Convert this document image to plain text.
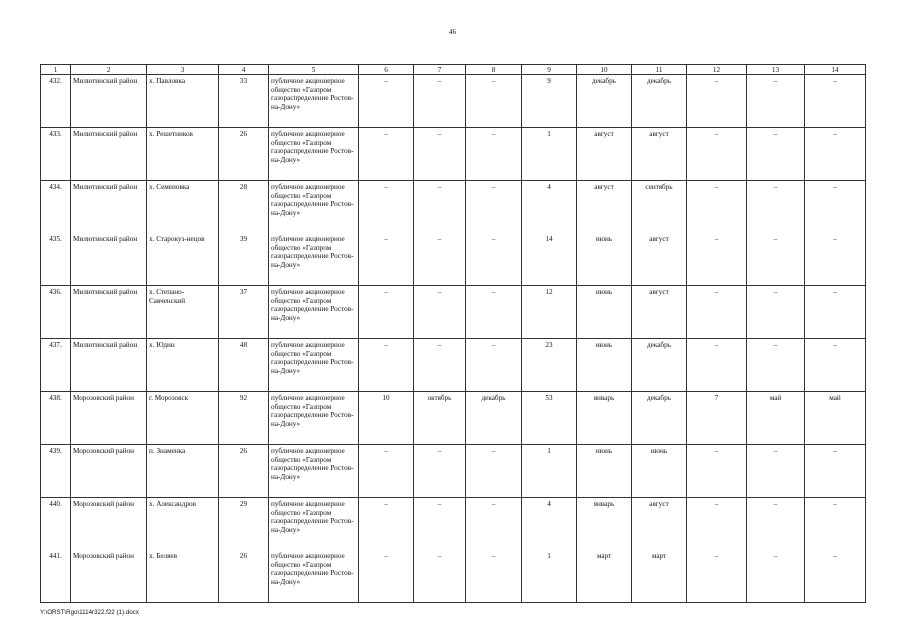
46
1	2	3	4	5	6	7	8	9	10	11	12	13	14
432.	Милютинский район	х. Павловка	33	публичное акционерное общество «Газпром газораспределение Ростов-на-Дону»	–	–	–	9	декабрь	декабрь	–	–	–
433.	Милютинский район	х. Решетников	26	публичное акционерное общество «Газпром газораспределение Ростов-на-Дону»	–	–	–	1	август	август	–	–	–
434.	Милютинский район	х. Семеновка	28	публичное акционерное общество «Газпром газораспределение Ростов-на-Дону»	–	–	–	4	август	сентябрь	–	–	–
435.	Милютинский район	х. Старокуз-нецов	39	публичное акционерное общество «Газпром газораспределение Ростов-на-Дону»	–	–	–	14	июнь	август	–	–	–
436.	Милютинский район	х. Степано-Савченский	37	публичное акционерное общество «Газпром газораспределение Ростов-на-Дону»	–	–	–	12	июнь	август	–	–	–
437.	Милютинский район	х. Юдин	48	публичное акционерное общество «Газпром газораспределение Ростов-на-Дону»	–	–	–	23	июнь	декабрь	–	–	–
438.	Морозовский район	г. Морозовск	92	публичное акционерное общество «Газпром газораспределение Ростов-на-Дону»	10	октябрь	декабрь	53	январь	декабрь	7	май	май
439.	Морозовский район	п. Знаменка	26	публичное акционерное общество «Газпром газораспределение Ростов-на-Дону»	–	–	–	1	июнь	июнь	–	–	–
440.	Морозовский район	х. Александров	29	публичное акционерное общество «Газпром газораспределение Ростов-на-Дону»	–	–	–	4	январь	август	–	–	–
441.	Морозовский район	х. Беляев	26	публичное акционерное общество «Газпром газораспределение Ростов-на-Дону»	–	–	–	1	март	март	–	–	–
Y:\ORST\Rgo\1114r322.f22 (1).docx
